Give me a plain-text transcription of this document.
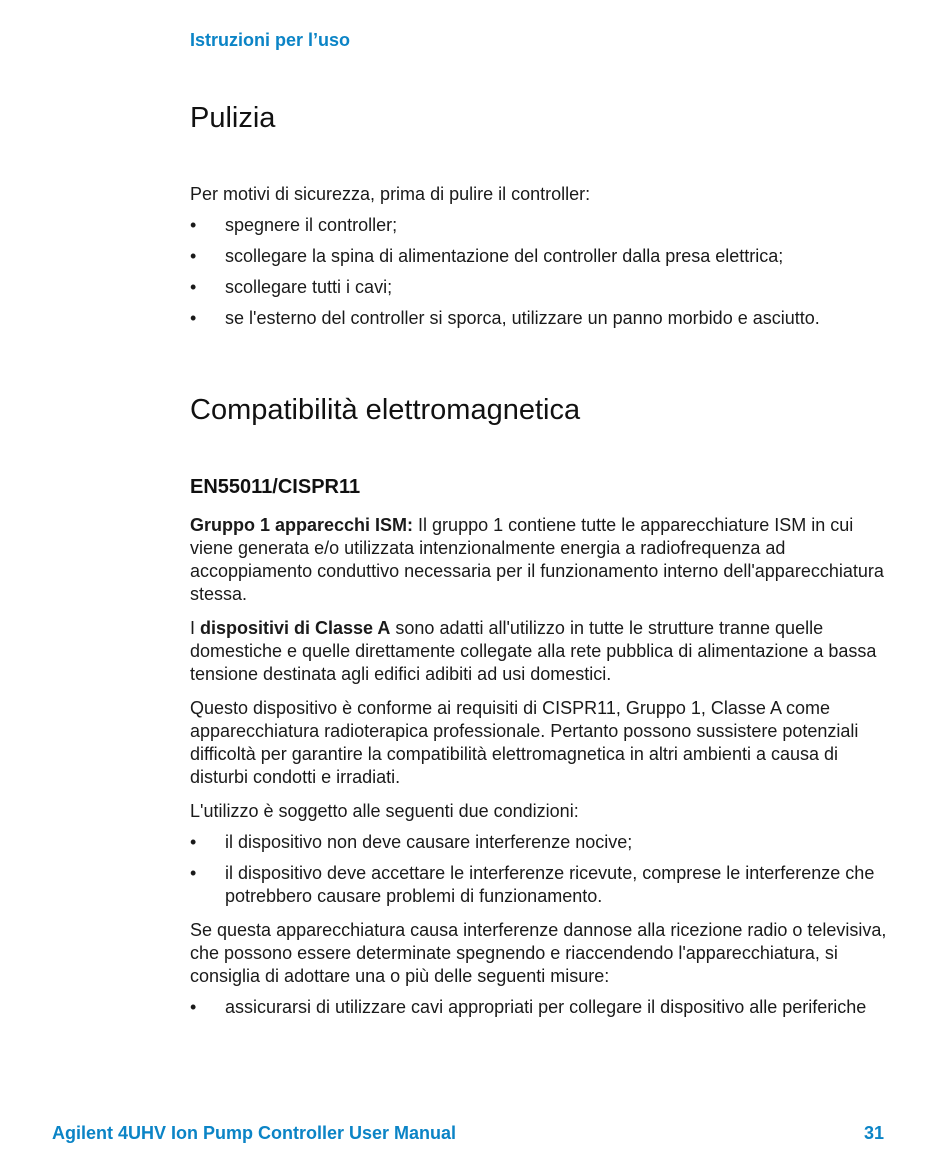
Istruzioni per l’uso
Pulizia

Per motivi di sicurezza, prima di pulire il controller:

• spegnere il controller;
• scollegare la spina di alimentazione del controller dalla presa elettrica;
• scollegare tutti i cavi;
• se l'esterno del controller si sporca, utilizzare un panno morbido e asciutto.
Compatibilità elettromagnetica
EN55011/CISPR11

Gruppo 1 apparecchi ISM: Il gruppo 1 contiene tutte le apparecchiature ISM in cui viene generata e/o utilizzata intenzionalmente energia a radiofrequenza ad accoppiamento conduttivo necessaria per il funzionamento interno dell'apparecchiatura stessa.

I dispositivi di Classe A sono adatti all'utilizzo in tutte le strutture tranne quelle domestiche e quelle direttamente collegate alla rete pubblica di alimentazione a bassa tensione destinata agli edifici adibiti ad usi domestici.

Questo dispositivo è conforme ai requisiti di CISPR11, Gruppo 1, Classe A come apparecchiatura radioterapica professionale. Pertanto possono sussistere potenziali difficoltà per garantire la compatibilità elettromagnetica in altri ambienti a causa di disturbi condotti e irradiati.

L'utilizzo è soggetto alle seguenti due condizioni:

• il dispositivo non deve causare interferenze nocive;
• il dispositivo deve accettare le interferenze ricevute, comprese le interferenze che potrebbero causare problemi di funzionamento.

Se questa apparecchiatura causa interferenze dannose alla ricezione radio o televisiva, che possono essere determinate spegnendo e riaccendendo l'apparecchiatura, si consiglia di adottare una o più delle seguenti misure:

• assicurarsi di utilizzare cavi appropriati per collegare il dispositivo alle periferiche
Agilent 4UHV Ion Pump Controller User Manual	31
